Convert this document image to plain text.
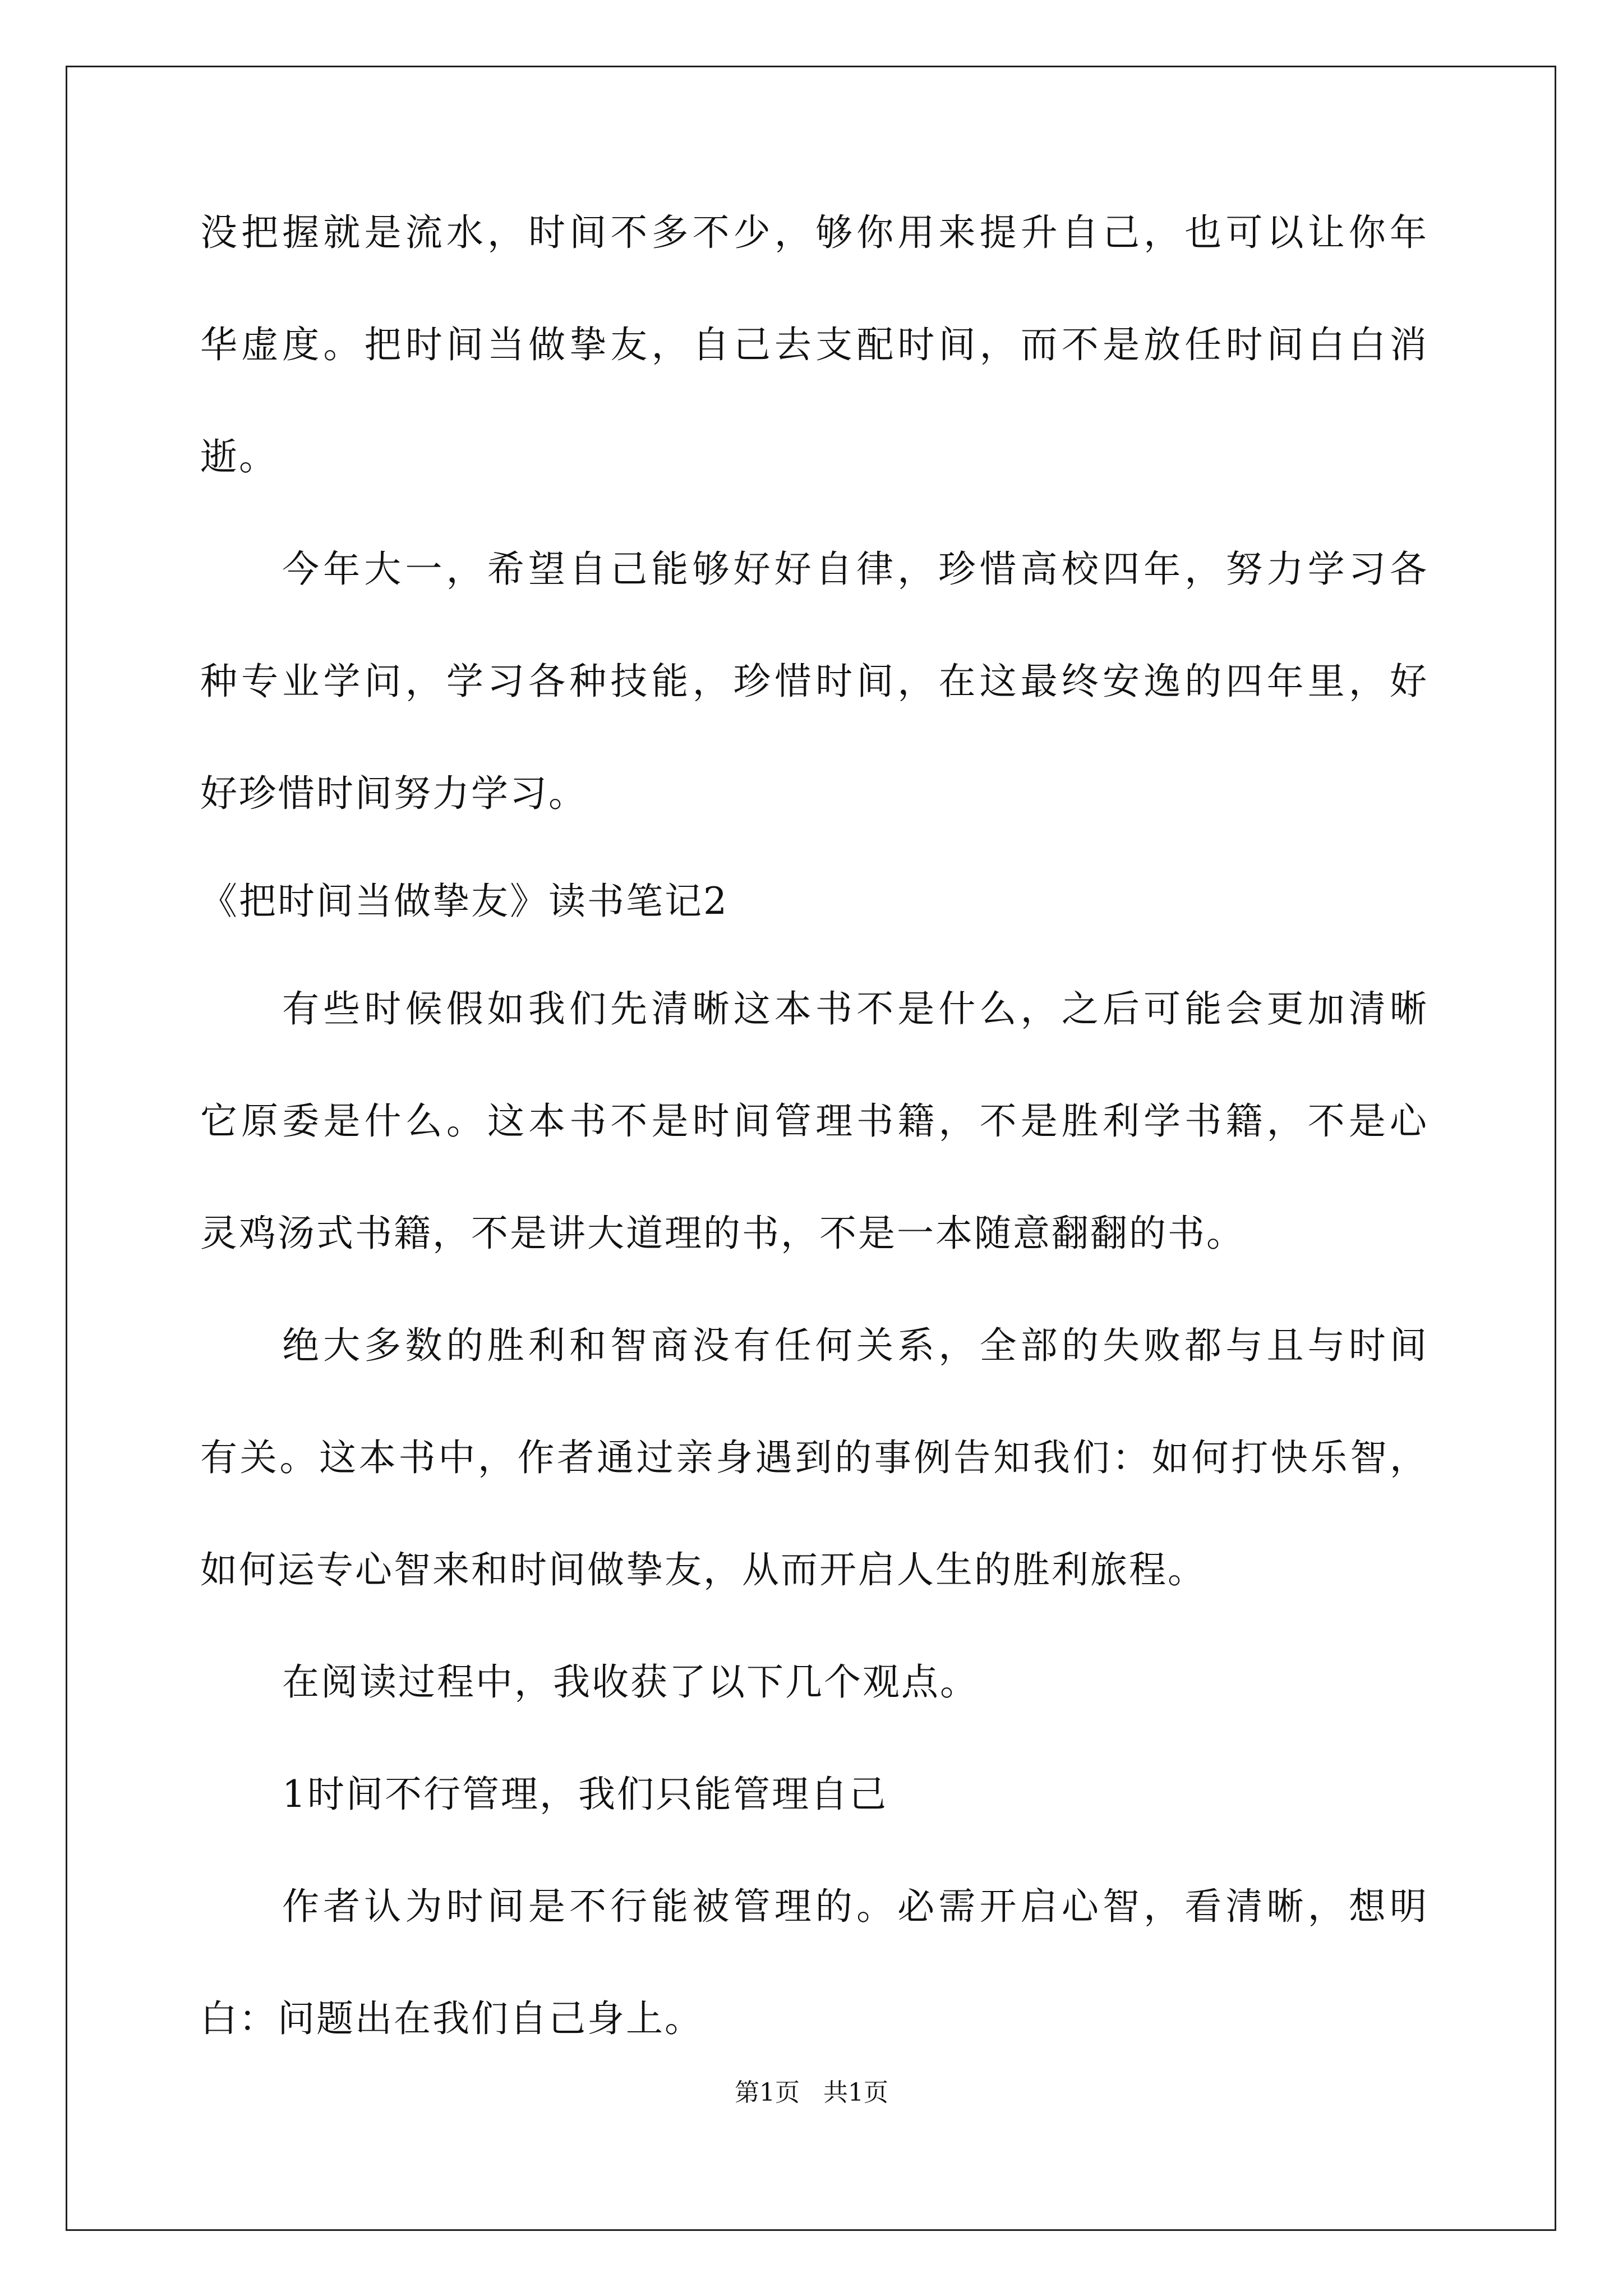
没把握就是流水，时间不多不少，够你用来提升自己，也可以让你年
华虚度。把时间当做挚友，自己去支配时间，而不是放任时间白白消
逝。
今年大一，希望自己能够好好自律，珍惜高校四年，努力学习各
种专业学问，学习各种技能，珍惜时间，在这最终安逸的四年里，好
好珍惜时间努力学习。
《把时间当做挚友》读书笔记2
有些时候假如我们先清晰这本书不是什么，之后可能会更加清晰
它原委是什么。这本书不是时间管理书籍，不是胜利学书籍，不是心
灵鸡汤式书籍，不是讲大道理的书，不是一本随意翻翻的书。
绝大多数的胜利和智商没有任何关系，全部的失败都与且与时间
有关。这本书中，作者通过亲身遇到的事例告知我们：如何打快乐智，
如何运专心智来和时间做挚友，从而开启人生的胜利旅程。
在阅读过程中，我收获了以下几个观点。
1时间不行管理，我们只能管理自己
作者认为时间是不行能被管理的。必需开启心智，看清晰，想明
白：问题出在我们自己身上。
第1页 共1页
